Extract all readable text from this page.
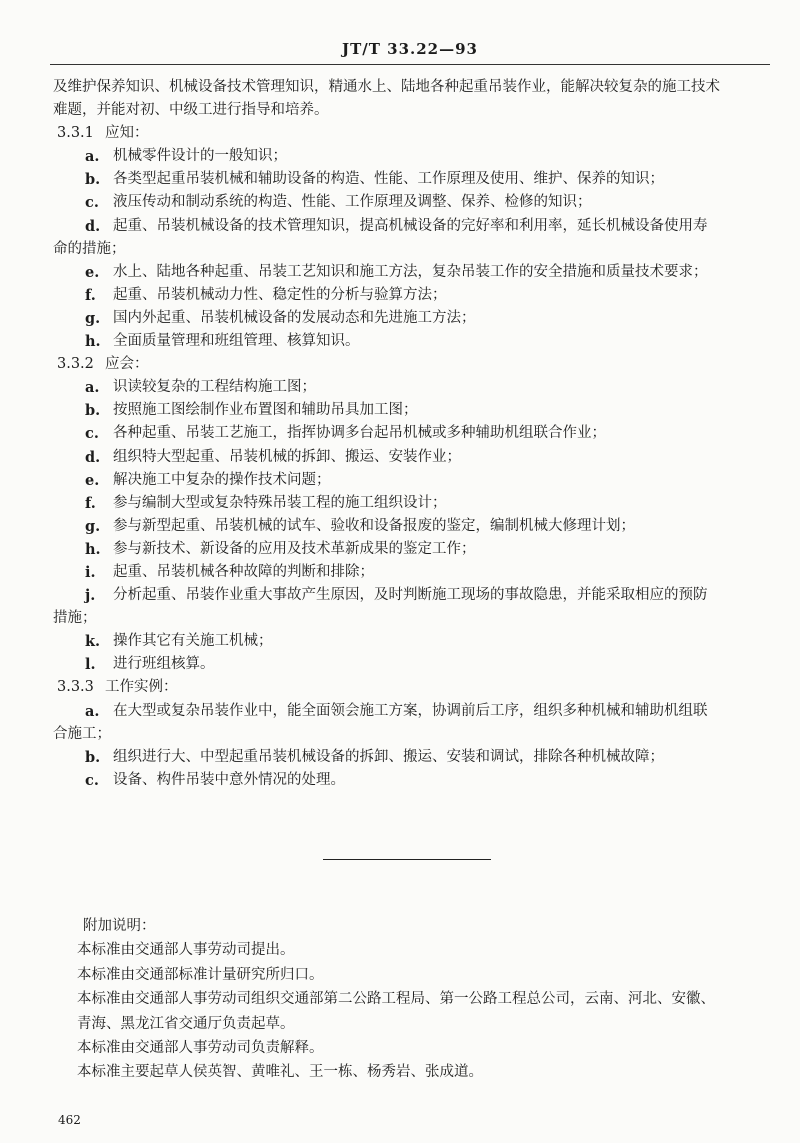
JT/T 33.22—93
及维护保养知识、机械设备技术管理知识，精通水上、陆地各种起重吊装作业，能解决较复杂的施工技术
难题，并能对初、中级工进行指导和培养。
3.3.1 应知：
a. 机械零件设计的一般知识；
b. 各类型起重吊装机械和辅助设备的构造、性能、工作原理及使用、维护、保养的知识；
c. 液压传动和制动系统的构造、性能、工作原理及调整、保养、检修的知识；
d. 起重、吊装机械设备的技术管理知识，提高机械设备的完好率和利用率，延长机械设备使用寿
命的措施；
e. 水上、陆地各种起重、吊装工艺知识和施工方法，复杂吊装工作的安全措施和质量技术要求；
f. 起重、吊装机械动力性、稳定性的分析与验算方法；
g. 国内外起重、吊装机械设备的发展动态和先进施工方法；
h. 全面质量管理和班组管理、核算知识。
3.3.2 应会：
a. 识读较复杂的工程结构施工图；
b. 按照施工图绘制作业布置图和辅助吊具加工图；
c. 各种起重、吊装工艺施工，指挥协调多台起吊机械或多种辅助机组联合作业；
d. 组织特大型起重、吊装机械的拆卸、搬运、安装作业；
e. 解决施工中复杂的操作技术问题；
f. 参与编制大型或复杂特殊吊装工程的施工组织设计；
g. 参与新型起重、吊装机械的试车、验收和设备报废的鉴定，编制机械大修理计划；
h. 参与新技术、新设备的应用及技术革新成果的鉴定工作；
i. 起重、吊装机械各种故障的判断和排除；
j. 分析起重、吊装作业重大事故产生原因，及时判断施工现场的事故隐患，并能采取相应的预防
措施；
k. 操作其它有关施工机械；
l. 进行班组核算。
3.3.3 工作实例：
a. 在大型或复杂吊装作业中，能全面领会施工方案，协调前后工序，组织多种机械和辅助机组联
合施工；
b. 组织进行大、中型起重吊装机械设备的拆卸、搬运、安装和调试，排除各种机械故障；
c. 设备、构件吊装中意外情况的处理。
附加说明：
本标准由交通部人事劳动司提出。
本标准由交通部标准计量研究所归口。
本标准由交通部人事劳动司组织交通部第二公路工程局、第一公路工程总公司，云南、河北、安徽、
青海、黑龙江省交通厅负责起草。
本标准由交通部人事劳动司负责解释。
本标准主要起草人侯英智、黄唯礼、王一栋、杨秀岩、张成道。
462
